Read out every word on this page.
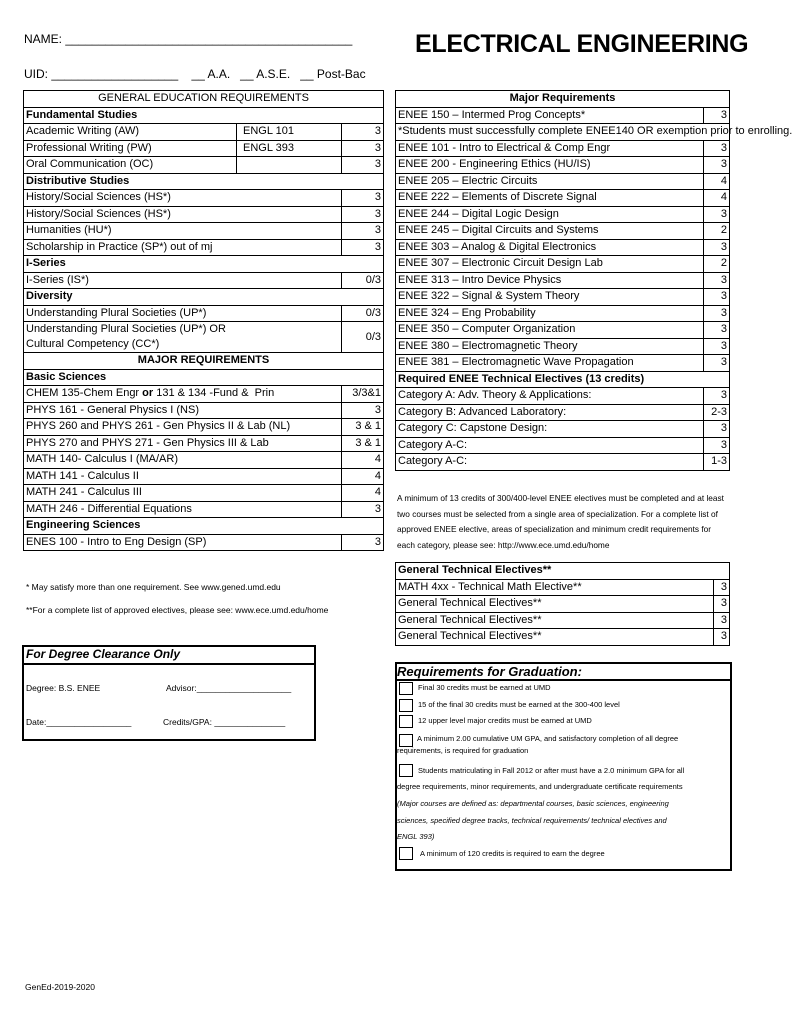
NAME: ___________________________________________
UID: ___________________    __ A.A.   __ A.S.E.   __ Post-Bac
ELECTRICAL ENGINEERING
GENERAL EDUCATION REQUIREMENTS		
Fundamental Studies		
Academic Writing (AW)	ENGL 101	3
Professional Writing (PW)	ENGL 393	3
Oral Communication (OC)		3
Distributive Studies		
History/Social Sciences (HS*)		3
History/Social Sciences (HS*)		3
Humanities (HU*)		3
Scholarship in Practice (SP*) out of mj		3
I-Series		
I-Series (IS*)		0/3
Diversity		
Understanding Plural Societies (UP*)		0/3

Understanding Plural Societies (UP*) OR
Cultural Competency (CC*)		0/3
MAJOR REQUIREMENTS		
Basic Sciences		
CHEM 135-Chem Engr or 131 & 134 -Fund &  Prin		3/3&1
PHYS 161 - General Physics I (NS)		3
PHYS 260 and PHYS 261 - Gen Physics II & Lab (NL)		3 & 1
PHYS 270 and PHYS 271 - Gen Physics III & Lab		3 & 1
MATH 140- Calculus I (MA/AR)		4
MATH 141 - Calculus II		4
MATH 241 - Calculus III		4
MATH 246 - Differential Equations		3
Engineering Sciences		
ENES 100 - Intro to Eng Design (SP)		3
* May satisfy more than one requirement. See www.gened.umd.edu
**For a complete list of approved electives, please see: www.ece.umd.edu/home
For Degree Clearance Only
Degree: B.S. ENEE	Advisor:____________________
Date:__________________	Credits/GPA: _______________
Major Requirements	
ENEE 150 – Intermed Prog Concepts*	3
*Students must successfully complete ENEE140 OR exemption prior to enrolling.	
ENEE 101 - Intro to Electrical & Comp Engr	3
ENEE 200 - Engineering Ethics (HU/IS)	3
ENEE 205 – Electric Circuits	4
ENEE 222 – Elements of Discrete Signal	4
ENEE 244 – Digital Logic Design	3
ENEE 245 – Digital Circuits and Systems	2
ENEE 303 – Analog & Digital Electronics	3
ENEE 307 – Electronic Circuit Design Lab	2
ENEE 313 – Intro Device Physics	3
ENEE 322 – Signal & System Theory	3
ENEE 324 – Eng Probability	3
ENEE 350 – Computer Organization	3
ENEE 380 – Electromagnetic Theory	3
ENEE 381 – Electromagnetic Wave Propagation	3
Required ENEE Technical Electives (13 credits)	
Category A: Adv. Theory & Applications:	3
Category B: Advanced Laboratory:	2-3
Category C: Capstone Design:	3
Category A-C:	3
Category A-C:	1-3
A minimum of 13 credits of 300/400-level ENEE electives must be completed and at least two courses must be selected from a single area of specialization. For a complete list of approved ENEE elective, areas of specialization and minimum credit requirements for each category, please see: http://www.ece.umd.edu/home
General Technical Electives**	
MATH 4xx - Technical Math Elective**	3
General Technical Electives**	3
General Technical Electives**	3
General Technical Electives**	3
Requirements for Graduation:
Final 30 credits must be earned at UMD
15 of the final 30 credits must be earned at the 300-400 level
12 upper level major credits must be earned at UMD
A minimum 2.00 cumulative UM GPA, and satisfactory completion of all degree
requirements, is required for graduation
Students matriculating in Fall 2012 or after must have a 2.0 minimum GPA for all
degree requirements, minor requirements, and undergraduate certificate requirements
(Major courses are defined as: departmental courses, basic sciences, engineering
sciences, specified degree tracks, technical requirements/ technical electives and
ENGL 393)
A minimum of 120 credits is required to earn the degree
GenEd-2019-2020
